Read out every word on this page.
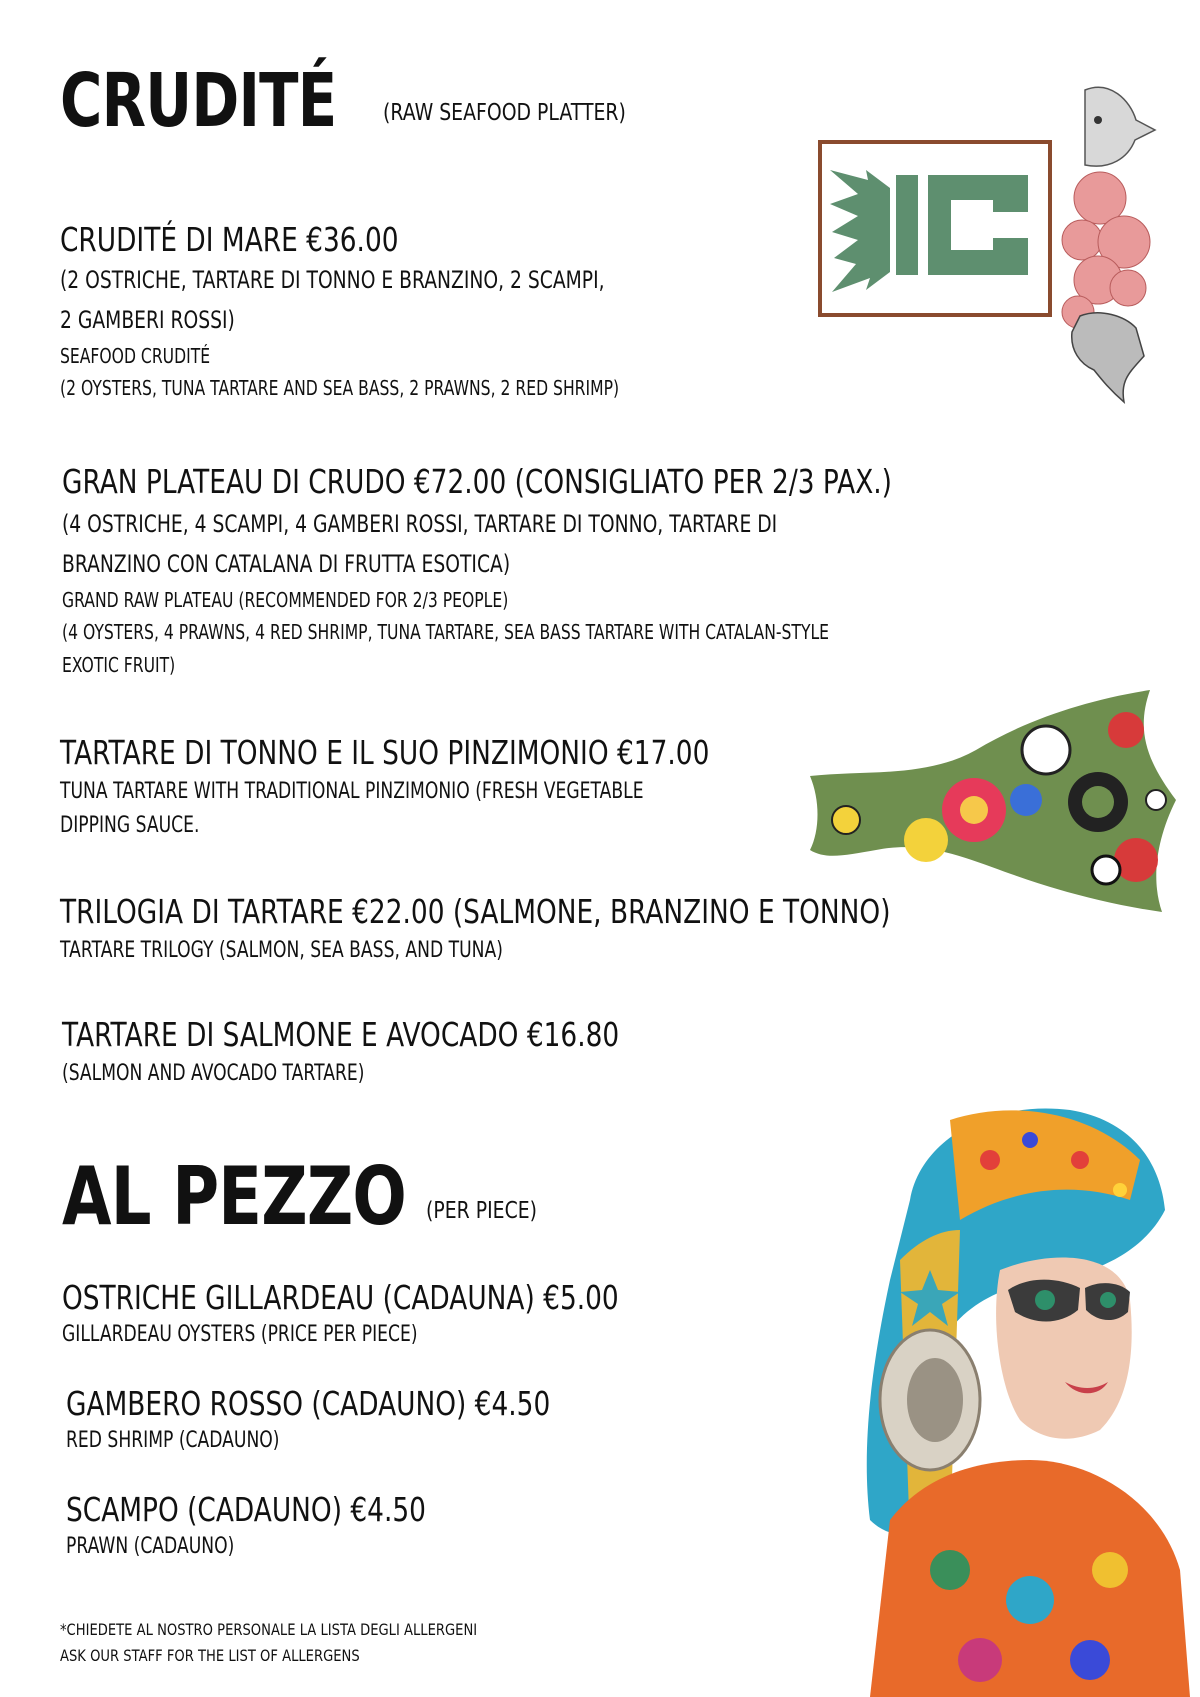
CRUDITÉ	(RAW SEAFOOD PLATTER)
CRUDITÉ DI MARE €36.00
(2 OSTRICHE, TARTARE DI TONNO E BRANZINO, 2 SCAMPI,
2 GAMBERI ROSSI)
SEAFOOD CRUDITÉ
(2 OYSTERS, TUNA TARTARE AND SEA BASS, 2 PRAWNS, 2 RED SHRIMP)
GRAN PLATEAU DI CRUDO €72.00 (CONSIGLIATO PER 2/3 PAX.)
(4 OSTRICHE, 4 SCAMPI, 4 GAMBERI ROSSI, TARTARE DI TONNO, TARTARE DI
BRANZINO CON CATALANA DI FRUTTA ESOTICA)
GRAND RAW PLATEAU (RECOMMENDED FOR 2/3 PEOPLE)
(4 OYSTERS, 4 PRAWNS, 4 RED SHRIMP, TUNA TARTARE, SEA BASS TARTARE WITH CATALAN-STYLE
EXOTIC FRUIT)
TARTARE DI TONNO E IL SUO PINZIMONIO €17.00
TUNA TARTARE WITH TRADITIONAL PINZIMONIO (FRESH VEGETABLE
DIPPING SAUCE.
TRILOGIA DI TARTARE €22.00 (SALMONE, BRANZINO E TONNO)
TARTARE TRILOGY (SALMON, SEA BASS, AND TUNA)
TARTARE DI SALMONE E AVOCADO €16.80
(SALMON AND AVOCADO TARTARE)
AL PEZZO (PER PIECE)
OSTRICHE GILLARDEAU (CADAUNA) €5.00
GILLARDEAU OYSTERS (PRICE PER PIECE)
GAMBERO ROSSO (CADAUNO) €4.50
RED SHRIMP (CADAUNO)
SCAMPO (CADAUNO) €4.50
PRAWN (CADAUNO)
*CHIEDETE AL NOSTRO PERSONALE LA LISTA DEGLI ALLERGENI
ASK OUR STAFF FOR THE LIST OF ALLERGENS
